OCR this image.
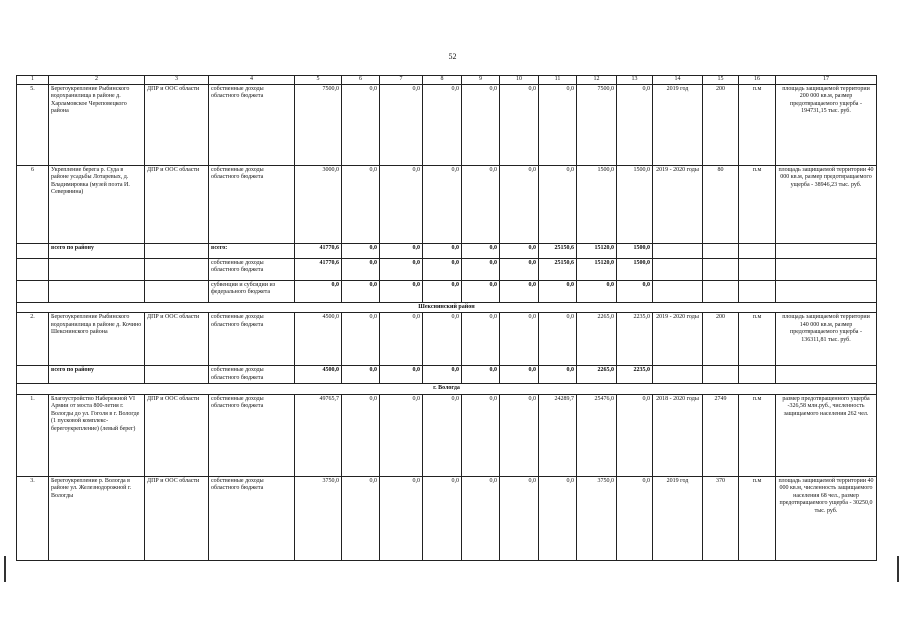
52
1	2	3	4	5	6	7	8	9	10	11	12	13	14	15	16	17
5.	Берегоукрепление Рыбинского водохранилища в районе д. Харламовское Череповецкого района	ДПР и ООС области	собственные доходы областного бюджета	7500,0	0,0	0,0	0,0	0,0	0,0	0,0	7500,0	0,0	2019 год	200	п.м	площадь защищаемой территории 200 000 кв.м, размер предотвращаемого ущерба - 194731,15 тыс. руб.
6	Укрепление берега р. Суда в районе усадьбы Лотаревых, д. Владимировка (музей поэта И. Северянина)	ДПР и ООС области	собственные доходы областного бюджета	3000,0	0,0	0,0	0,0	0,0	0,0	0,0	1500,0	1500,0	2019 - 2020 годы	80	п.м	площадь защищаемой территории 40 000 кв.м, размер предотвращаемого ущерба - 38946,23 тыс. руб.
	всего по району		всего:	41770,6	0,0	0,0	0,0	0,0	0,0	25150,6	15120,0	1500,0				
			собственные доходы областного бюджета	41770,6	0,0	0,0	0,0	0,0	0,0	25150,6	15120,0	1500,0				
			субвенции и субсидии из федерального бюджета	0,0	0,0	0,0	0,0	0,0	0,0	0,0	0,0	0,0				
Шекснинский район																
2.	Берегоукрепление Рыбинского водохранилища в районе д. Кочино Шекснинского района	ДПР и ООС области	собственные доходы областного бюджета	4500,0	0,0	0,0	0,0	0,0	0,0	0,0	2265,0	2235,0	2019 - 2020 годы	200	п.м	площадь защищаемой территории 140 000 кв.м, размер предотвращаемого ущерба - 136311,81 тыс. руб.
	всего по району		собственные доходы областного бюджета	4500,0	0,0	0,0	0,0	0,0	0,0	0,0	2265,0	2235,0				
г. Вологда																
1.	Благоустройство Набережной VI Армии от моста 800-летия г. Вологды до ул. Гоголя в г. Вологде (1 пусковой комплекс-берегоукрепление) (левый берег)	ДПР и ООС области	собственные доходы областного бюджета	49765,7	0,0	0,0	0,0	0,0	0,0	24289,7	25476,0	0,0	2018 - 2020 годы	2749	п.м	размер предотвращенного ущерба -326,58 млн.руб., численность защищаемого населения 262 чел.
3.	Берегоукрепление р. Вологда в районе ул. Железнодорожной г. Вологды	ДПР и ООС области	собственные доходы областного бюджета	3750,0	0,0	0,0	0,0	0,0	0,0	0,0	3750,0	0,0	2019 год	370	п.м	площадь защищаемой территории 40 000 кв.м, численность защищаемого населения 68 чел., размер предотвращаемого ущерба - 30250,0 тыс. руб.
